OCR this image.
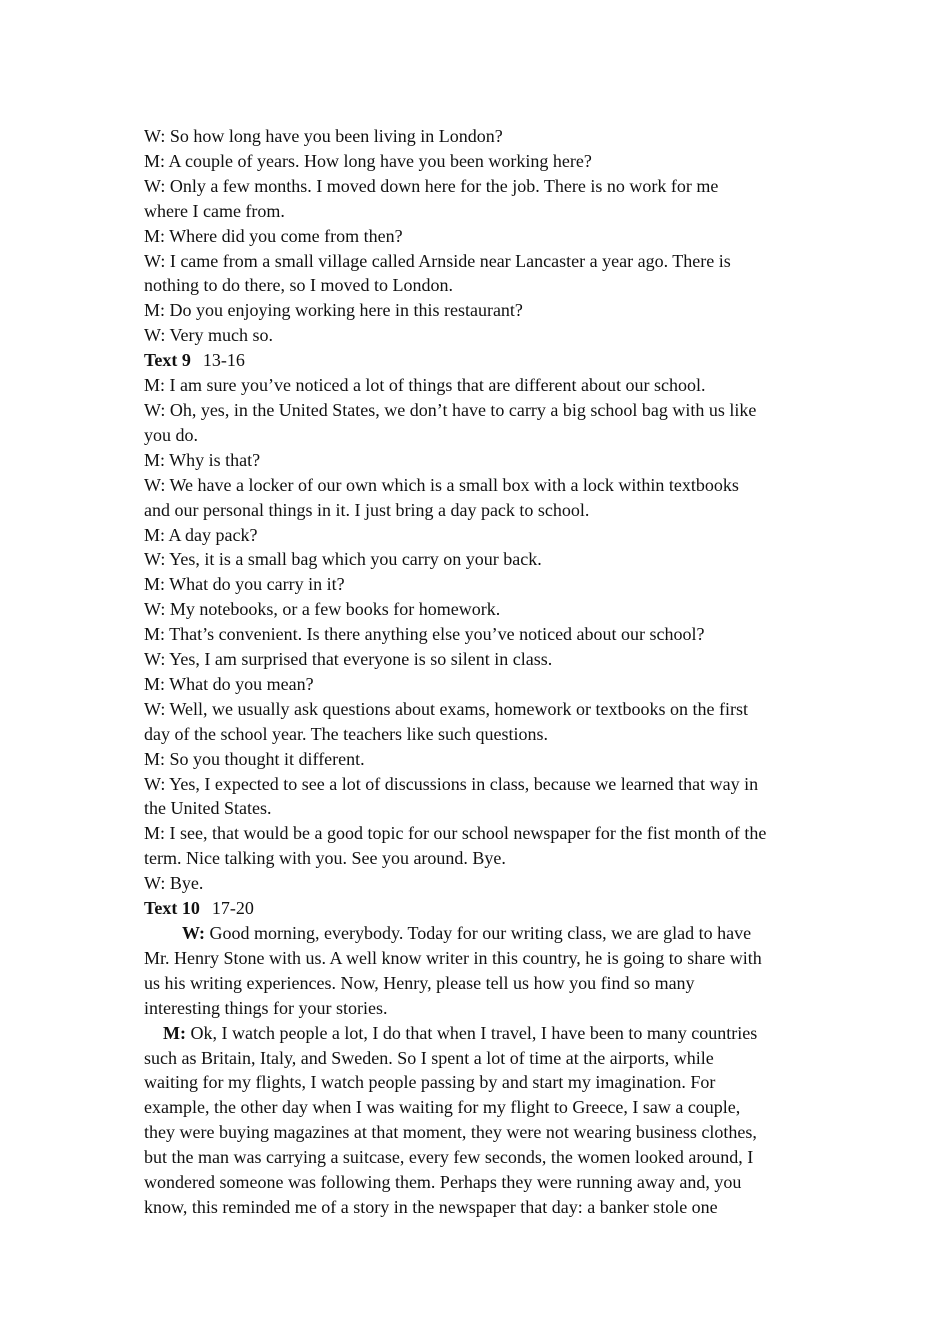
W: So how long have you been living in London?

M: A couple of years. How long have you been working here?

W: Only a few months. I moved down here for the job. There is no work for me

where I came from.

M: Where did you come from then?

W: I came from a small village called Arnside near Lancaster a year ago. There is

nothing to do there, so I moved to London.

M: Do you enjoying working here in this restaurant?

W: Very much so.

Text 9 13-16

M: I am sure you’ve noticed a lot of things that are different about our school.

W: Oh, yes, in the United States, we don’t have to carry a big school bag with us like

you do.

M: Why is that?

W: We have a locker of our own which is a small box with a lock within textbooks

and our personal things in it. I just bring a day pack to school.

M: A day pack?

W: Yes, it is a small bag which you carry on your back.

M: What do you carry in it?

W: My notebooks, or a few books for homework.

M: That’s convenient. Is there anything else you’ve noticed about our school?

W: Yes, I am surprised that everyone is so silent in class.

M: What do you mean?

W: Well, we usually ask questions about exams, homework or textbooks on the first

day of the school year. The teachers like such questions.

M: So you thought it different.

W: Yes, I expected to see a lot of discussions in class, because we learned that way in

the United States.

M: I see, that would be a good topic for our school newspaper for the fist month of the

term. Nice talking with you. See you around. Bye.

W: Bye.

Text 10 17-20

W: Good morning, everybody. Today for our writing class, we are glad to have

Mr. Henry Stone with us. A well know writer in this country, he is going to share with

us his writing experiences. Now, Henry, please tell us how you find so many

interesting things for your stories.

M: Ok, I watch people a lot, I do that when I travel, I have been to many countries

such as Britain, Italy, and Sweden. So I spent a lot of time at the airports, while

waiting for my flights, I watch people passing by and start my imagination. For

example, the other day when I was waiting for my flight to Greece, I saw a couple,

they were buying magazines at that moment, they were not wearing business clothes,

but the man was carrying a suitcase, every few seconds, the women looked around, I

wondered someone was following them. Perhaps they were running away and, you

know, this reminded me of a story in the newspaper that day: a banker stole one
